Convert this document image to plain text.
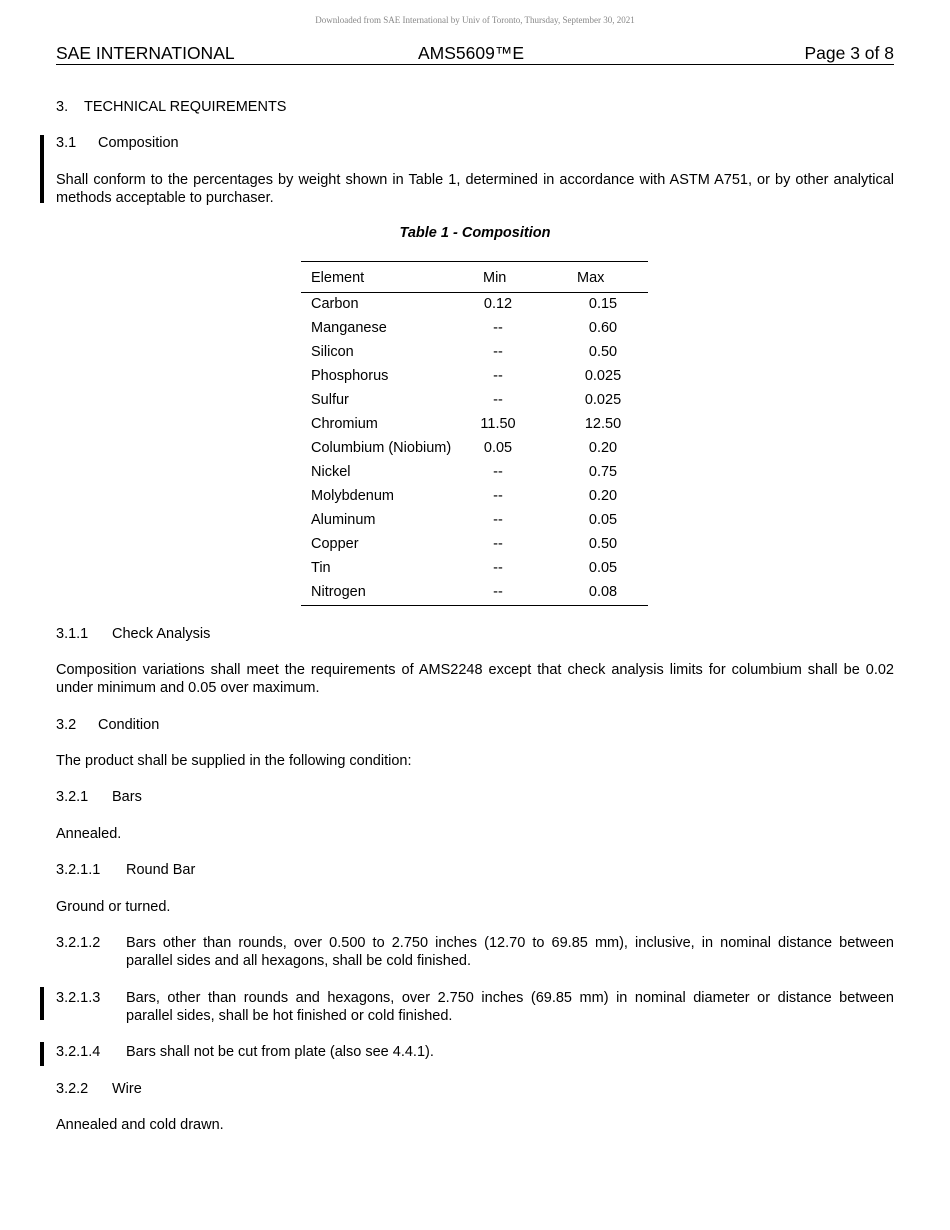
Downloaded from SAE International by Univ of Toronto, Thursday, September 30, 2021
SAE INTERNATIONAL	AMS5609™E	Page 3 of 8
3. TECHNICAL REQUIREMENTS
3.1 Composition
Shall conform to the percentages by weight shown in Table 1, determined in accordance with ASTM A751, or by other analytical methods acceptable to purchaser.
Table 1 - Composition
Element	Min	Max
Carbon	0.12	0.15
Manganese	--	0.60
Silicon	--	0.50
Phosphorus	--	0.025
Sulfur	--	0.025
Chromium	11.50	12.50
Columbium (Niobium)	0.05	0.20
Nickel	--	0.75
Molybdenum	--	0.20
Aluminum	--	0.05
Copper	--	0.50
Tin	--	0.05
Nitrogen	--	0.08
3.1.1 Check Analysis
Composition variations shall meet the requirements of AMS2248 except that check analysis limits for columbium shall be 0.02 under minimum and 0.05 over maximum.
3.2 Condition
The product shall be supplied in the following condition:
3.2.1 Bars
Annealed.
3.2.1.1 Round Bar
Ground or turned.
3.2.1.2 Bars other than rounds, over 0.500 to 2.750 inches (12.70 to 69.85 mm), inclusive, in nominal distance between
parallel sides and all hexagons, shall be cold finished.
3.2.1.3 Bars, other than rounds and hexagons, over 2.750 inches (69.85 mm) in nominal diameter or distance between
parallel sides, shall be hot finished or cold finished.
3.2.1.4 Bars shall not be cut from plate (also see 4.4.1).
3.2.2 Wire
Annealed and cold drawn.
